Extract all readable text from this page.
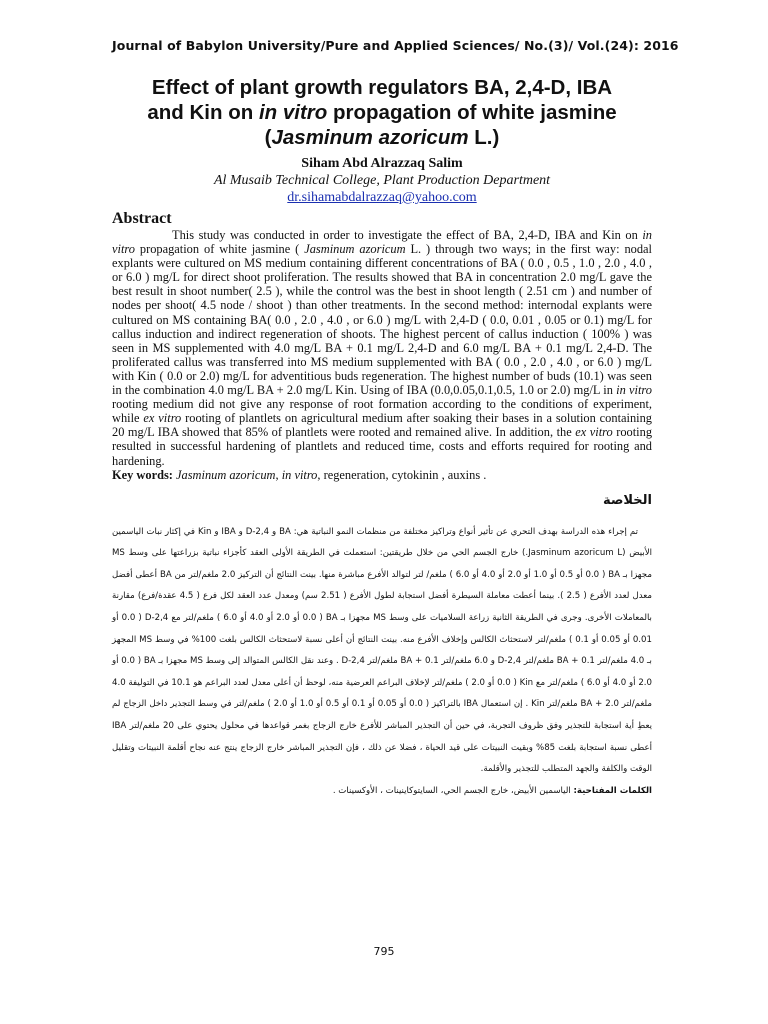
Journal of Babylon University/Pure and Applied Sciences/ No.(3)/ Vol.(24): 2016
Effect of plant growth regulators BA, 2,4-D, IBA
and Kin on in vitro propagation of white jasmine
(Jasminum azoricum L.)
Siham Abd Alrazzaq Salim
Al Musaib Technical College, Plant Production Department
dr.sihamabdalrazzaq@yahoo.com
Abstract

This study was conducted in order to investigate the effect of BA, 2,4-D, IBA and Kin on in vitro propagation of white jasmine ( Jasminum azoricum L. ) through two ways; in the first way: nodal explants were cultured on MS medium containing different concentrations of BA ( 0.0 , 0.5 , 1.0 , 2.0 , 4.0 , or 6.0 ) mg/L for direct shoot proliferation. The results showed that BA in concentration 2.0 mg/L gave the best result in shoot number( 2.5 ), while the control was the best in shoot length ( 2.51 cm ) and number of nodes per shoot( 4.5 node / shoot ) than other treatments. In the second method: internodal explants were cultured on MS containing BA( 0.0 , 2.0 , 4.0 , or 6.0 ) mg/L with 2,4-D ( 0.0, 0.01 , 0.05 or 0.1) mg/L for callus induction and indirect regeneration of shoots. The highest percent of callus induction ( 100% ) was seen in MS supplemented with 4.0 mg/L BA + 0.1 mg/L 2,4-D and 6.0 mg/L BA + 0.1 mg/L 2,4-D. The proliferated callus was transferred into MS medium supplemented with BA ( 0.0 , 2.0 , 4.0 , or 6.0 ) mg/L with Kin ( 0.0 or 2.0) mg/L for adventitious buds regeneration. The highest number of buds (10.1) was seen in the combination 4.0 mg/L BA + 2.0 mg/L Kin. Using of IBA (0.0,0.05,0.1,0.5, 1.0 or 2.0) mg/L in in vitro rooting medium did not give any response of root formation according to the conditions of experiment, while ex vitro rooting of plantlets on agricultural medium after soaking their bases in a solution containing 20 mg/L IBA showed that 85% of plantlets were rooted and remained alive. In addition, the ex vitro rooting resulted in successful hardening of plantlets and reduced time, costs and efforts required for rooting and hardening.

Key words: Jasminum azoricum, in vitro, regeneration, cytokinin , auxins .
الخلاصة

تم إجراء هذه الدراسة بهدف التحري عن تأثير أنواع وتراكيز مختلفة من منظمات النمو النباتية هي: BA و 2,4-D و IBA و Kin في إكثار نبات الياسمين الأبيض (Jasminum azoricum L.) خارج الجسم الحي من خلال طريقتين: استعملت في الطريقة الأولى العقد كأجزاء نباتية بزراعتها على وسط MS مجهزا بـ BA ( 0.0 أو 0.5 أو 1.0 أو 2.0 أو 4.0 أو 6.0 ) ملغم/ لتر لتوالد الأفرع مباشرة منها. بينت النتائج أن التركيز 2.0 ملغم/لتر من BA أعطى أفضل معدل لعدد الأفرع ( 2.5 ). بينما أعطت معاملة السيطرة أفضل استجابة لطول الأفرع ( 2.51 سم) ومعدل عدد العقد لكل فرع ( 4.5 عقدة/فرع) مقارنة بالمعاملات الأخرى. وجرى في الطريقة الثانية زراعة السلاميات على وسط MS مجهزا بـ BA ( 0.0 أو 2.0 أو 4.0 أو 6.0 ) ملغم/لتر مع 2,4-D ( 0.0 أو 0.01 أو 0.05 أو 0.1 ) ملغم/لتر لاستحثاث الكالس وإخلاف الأفرع منه. بينت النتائج أن أعلى نسبة لاستحثاث الكالس بلغت 100% في وسط MS المجهز بـ 4.0 ملغم/لتر BA + 0.1 ملغم/لتر 2,4-D و 6.0 ملغم/لتر BA + 0.1 ملغم/لتر 2,4-D . وعند نقل الكالس المتوالد إلى وسط MS مجهزا بـ BA ( 0.0 أو 2.0 أو 4.0 أو 6.0 ) ملغم/لتر مع Kin ( 0.0 أو 2.0 ) ملغم/لتر لإخلاف البراعم العرضية منه، لوحظ أن أعلى معدل لعدد البراعم هو 10.1 في التوليفة 4.0 ملغم/لتر BA + 2.0 ملغم/لتر Kin . إن استعمال IBA بالتراكيز ( 0.0 أو 0.05 أو 0.1 أو 0.5 أو 1.0 أو 2.0 ) ملغم/لتر في وسط التجذير داخل الزجاج لم يعطِ أية استجابة للتجذير وفق ظروف التجربة، في حين أن التجذير المباشر للأفرع خارج الزجاج بغمر قواعدها في محلول يحتوي على 20 ملغم/لتر IBA أعطى نسبة استجابة بلغت 85% وبقيت النبيتات على قيد الحياة ، فضلا عن ذلك ، فإن التجذير المباشر خارج الزجاج ينتج عنه نجاح أقلمة النبيتات وتقليل الوقت والكلفة والجهد المتطلب للتجذير والأقلمة.

الكلمات المفتاحية: الياسمين الأبيض، خارج الجسم الحي، السايتوكاينينات ، الأوكسينات .
795
